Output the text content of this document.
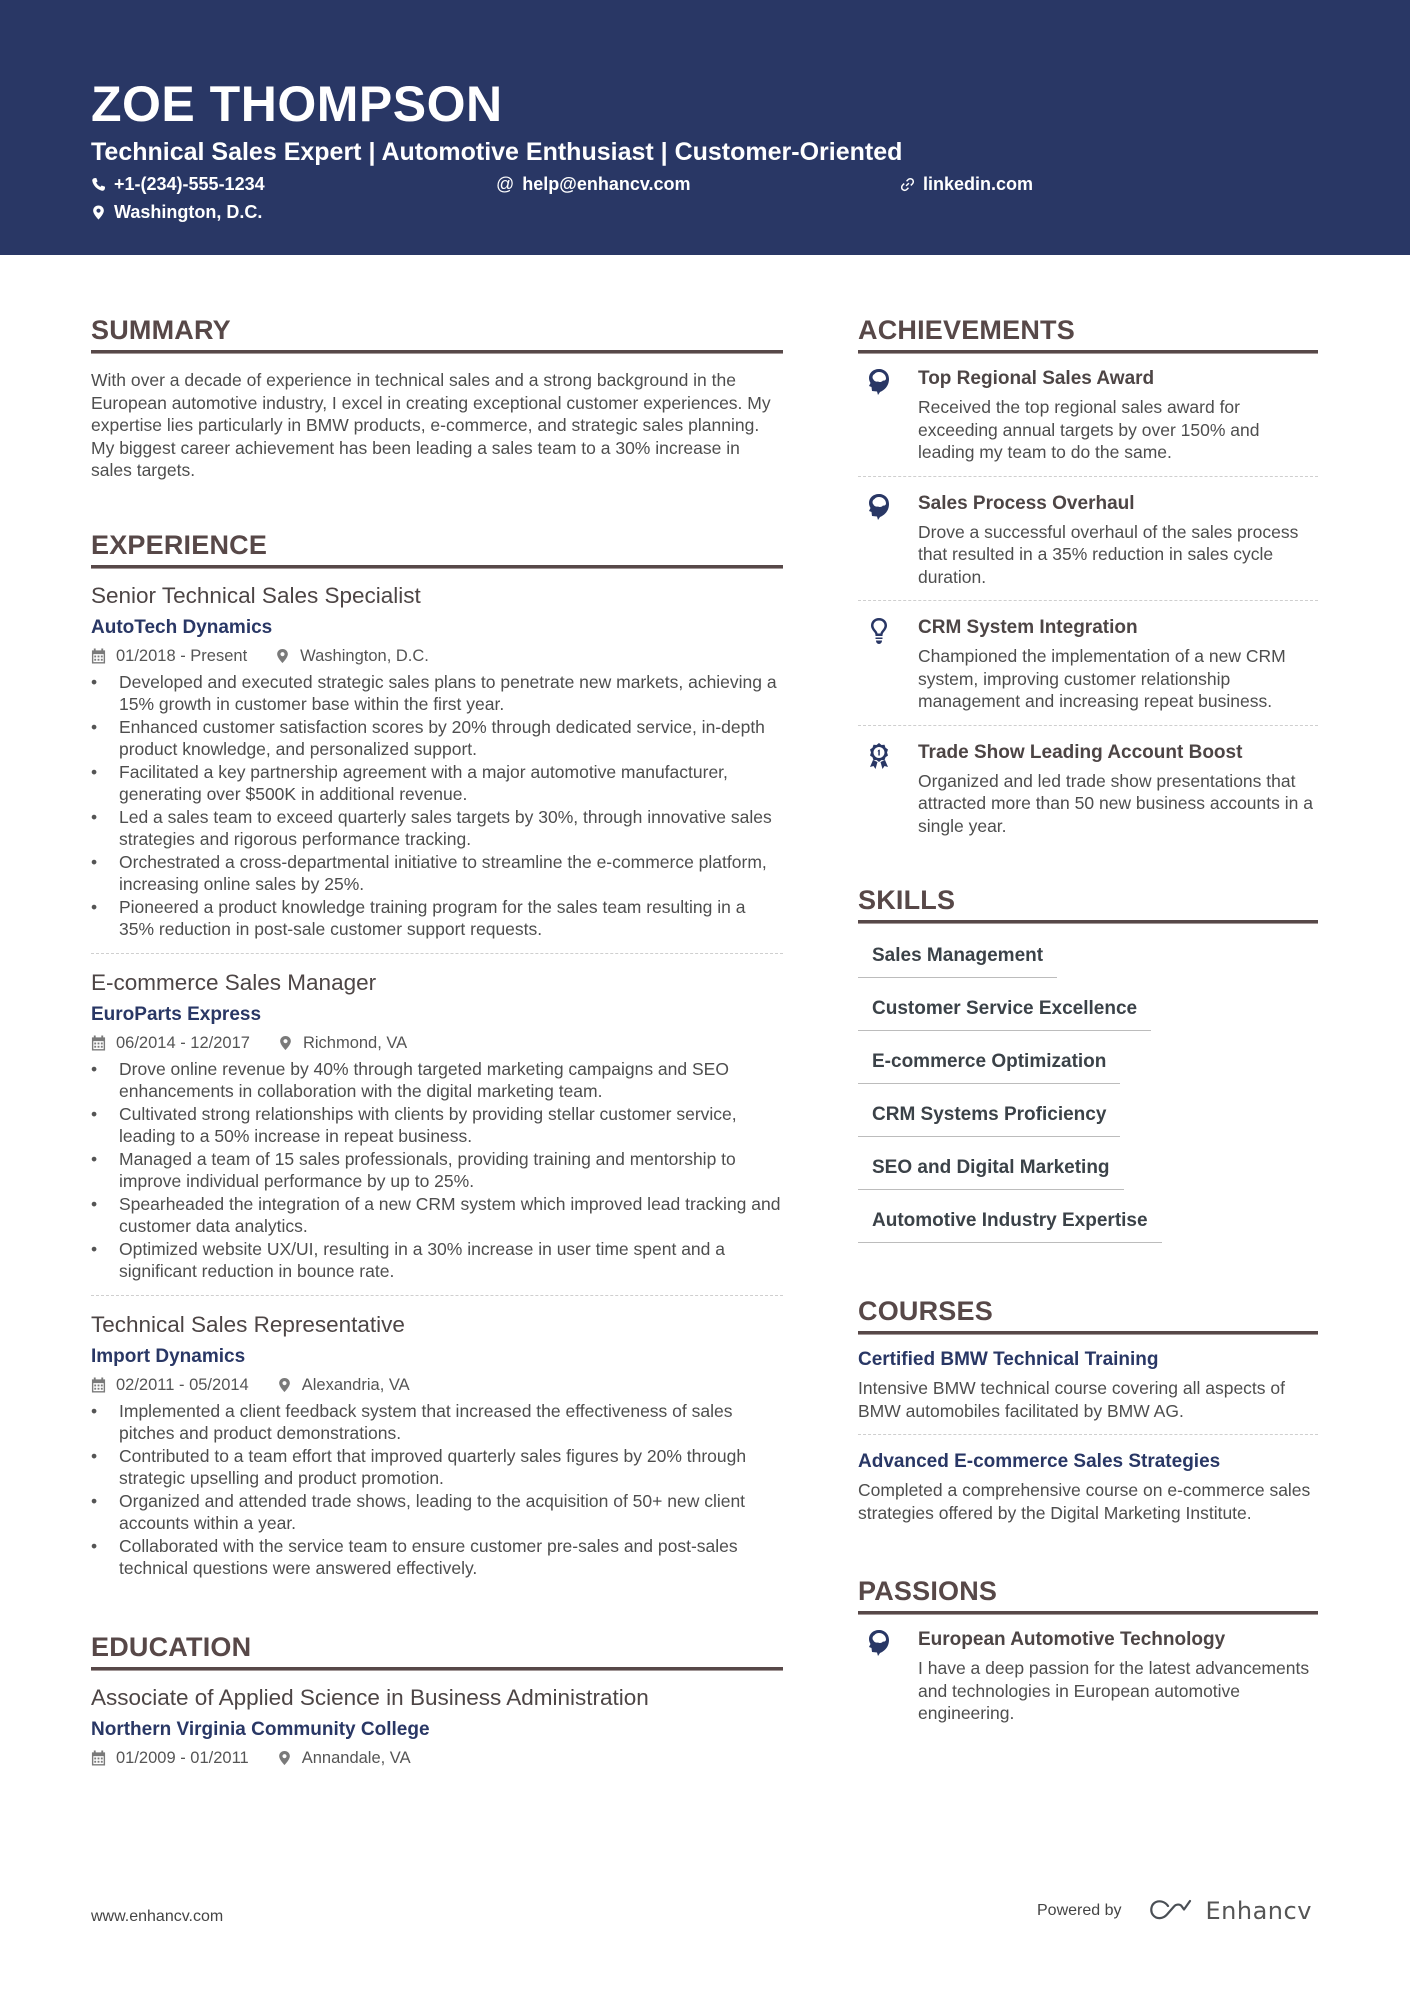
ZOE THOMPSON
Technical Sales Expert | Automotive Enthusiast | Customer-Oriented
+1-(234)-555-1234	@ help@enhancv.com	linkedin.com
Washington, D.C.
SUMMARY

With over a decade of experience in technical sales and a strong background in the European automotive industry, I excel in creating exceptional customer experiences. My expertise lies particularly in BMW products, e-commerce, and strategic sales planning. My biggest career achievement has been leading a sales team to a 30% increase in sales targets.

EXPERIENCE
Senior Technical Sales Specialist
AutoTech Dynamics
01/2018 - Present	Washington, D.C.
• Developed and executed strategic sales plans to penetrate new markets, achieving a 15% growth in customer base within the first year.
• Enhanced customer satisfaction scores by 20% through dedicated service, in-depth product knowledge, and personalized support.
• Facilitated a key partnership agreement with a major automotive manufacturer, generating over $500K in additional revenue.
• Led a sales team to exceed quarterly sales targets by 30%, through innovative sales strategies and rigorous performance tracking.
• Orchestrated a cross-departmental initiative to streamline the e-commerce platform, increasing online sales by 25%.
• Pioneered a product knowledge training program for the sales team resulting in a 35% reduction in post-sale customer support requests.
E-commerce Sales Manager
EuroParts Express
06/2014 - 12/2017	Richmond, VA
• Drove online revenue by 40% through targeted marketing campaigns and SEO enhancements in collaboration with the digital marketing team.
• Cultivated strong relationships with clients by providing stellar customer service, leading to a 50% increase in repeat business.
• Managed a team of 15 sales professionals, providing training and mentorship to improve individual performance by up to 25%.
• Spearheaded the integration of a new CRM system which improved lead tracking and customer data analytics.
• Optimized website UX/UI, resulting in a 30% increase in user time spent and a significant reduction in bounce rate.
Technical Sales Representative
Import Dynamics
02/2011 - 05/2014	Alexandria, VA
• Implemented a client feedback system that increased the effectiveness of sales pitches and product demonstrations.
• Contributed to a team effort that improved quarterly sales figures by 20% through strategic upselling and product promotion.
• Organized and attended trade shows, leading to the acquisition of 50+ new client accounts within a year.
• Collaborated with the service team to ensure customer pre-sales and post-sales technical questions were answered effectively.
EDUCATION
Associate of Applied Science in Business Administration
Northern Virginia Community College
01/2009 - 01/2011	Annandale, VA
ACHIEVEMENTS
Top Regional Sales Award
Received the top regional sales award for exceeding annual targets by over 150% and leading my team to do the same.
Sales Process Overhaul
Drove a successful overhaul of the sales process that resulted in a 35% reduction in sales cycle duration.
CRM System Integration
Championed the implementation of a new CRM system, improving customer relationship management and increasing repeat business.
Trade Show Leading Account Boost
Organized and led trade show presentations that attracted more than 50 new business accounts in a single year.
SKILLS
Sales Management
Customer Service Excellence
E-commerce Optimization
CRM Systems Proficiency
SEO and Digital Marketing
Automotive Industry Expertise
COURSES
Certified BMW Technical Training
Intensive BMW technical course covering all aspects of BMW automobiles facilitated by BMW AG.
Advanced E-commerce Sales Strategies
Completed a comprehensive course on e-commerce sales strategies offered by the Digital Marketing Institute.
PASSIONS
European Automotive Technology
I have a deep passion for the latest advancements and technologies in European automotive engineering.
www.enhancv.com	Powered by	Enhancv
